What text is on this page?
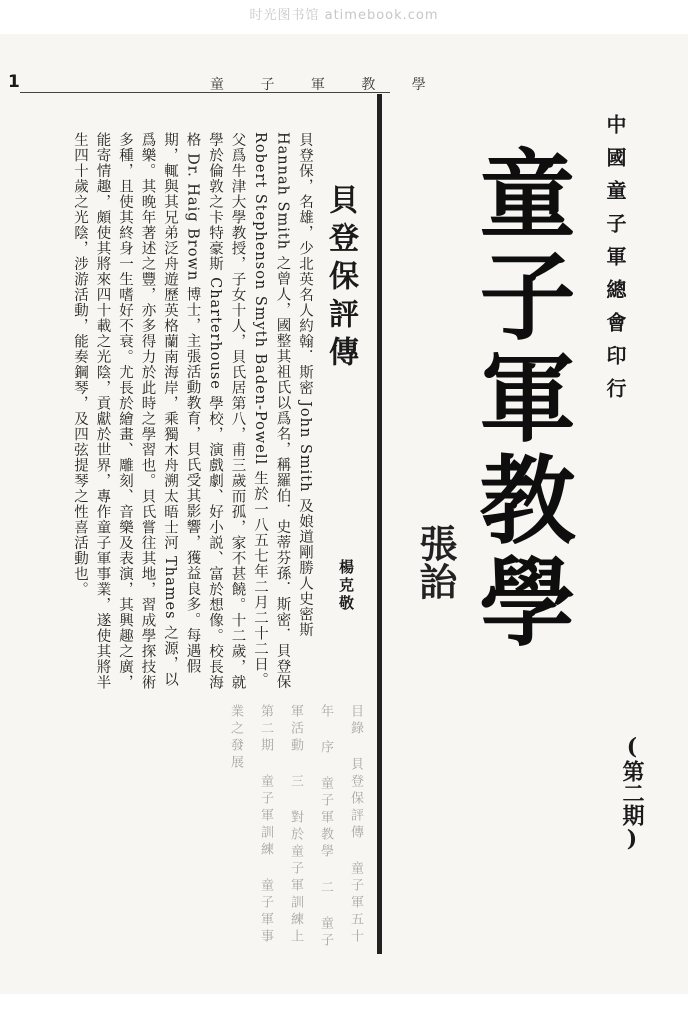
时光图书馆 atimebook.com
1	童 子 軍 教 學
貝登保，名雄，少北英名人約翰．斯密 John Smith 及娘道剛勝人史密斯 Hannah Smith 之曾人，國整其祖氏以爲名，稱羅伯．史蒂芬孫．斯密．貝登保 Robert Stephenson Smyth Baden-Powell 生於一八五七年二月二十二日。父爲牛津大學教授，子女十人，貝氏居第八，甫三歲而孤，家不甚饒。十二歲，就學於倫敦之卡特豪斯 Charterhouse 學校，演戲劇、好小説、富於想像。校長海格 Dr. Haig Brown 博士，主張活動教育，貝氏受其影響，獲益良多。每遇假期，輒與其兄弟泛舟遊歷英格蘭南海岸，乘獨木舟溯太晤士河 Thames 之源，以爲樂。其晚年著述之豐，亦多得力於此時之學習也。貝氏嘗往其地，習成學探技術多種，且使其終身一生嗜好不衰。尤長於繪畫、雕刻、音樂及表演，其興趣之廣，能寄情趣，頗使其將來四十載之光陰，貢獻於世界，專作童子軍事業，遂使其將半生四十歲之光陰，涉游活動，能奏鋼琴，及四弦提琴之性喜活動也。	貝登保評傳
楊克敬
目錄 貝登保評傳 童子軍五十年 序 童子軍教學 二 童子軍活動 三 對於童子軍訓練上 第二期 童子軍訓練 童子軍事業之發展
中國童子軍總會印行
童子軍教學
張詒
(第二期)
